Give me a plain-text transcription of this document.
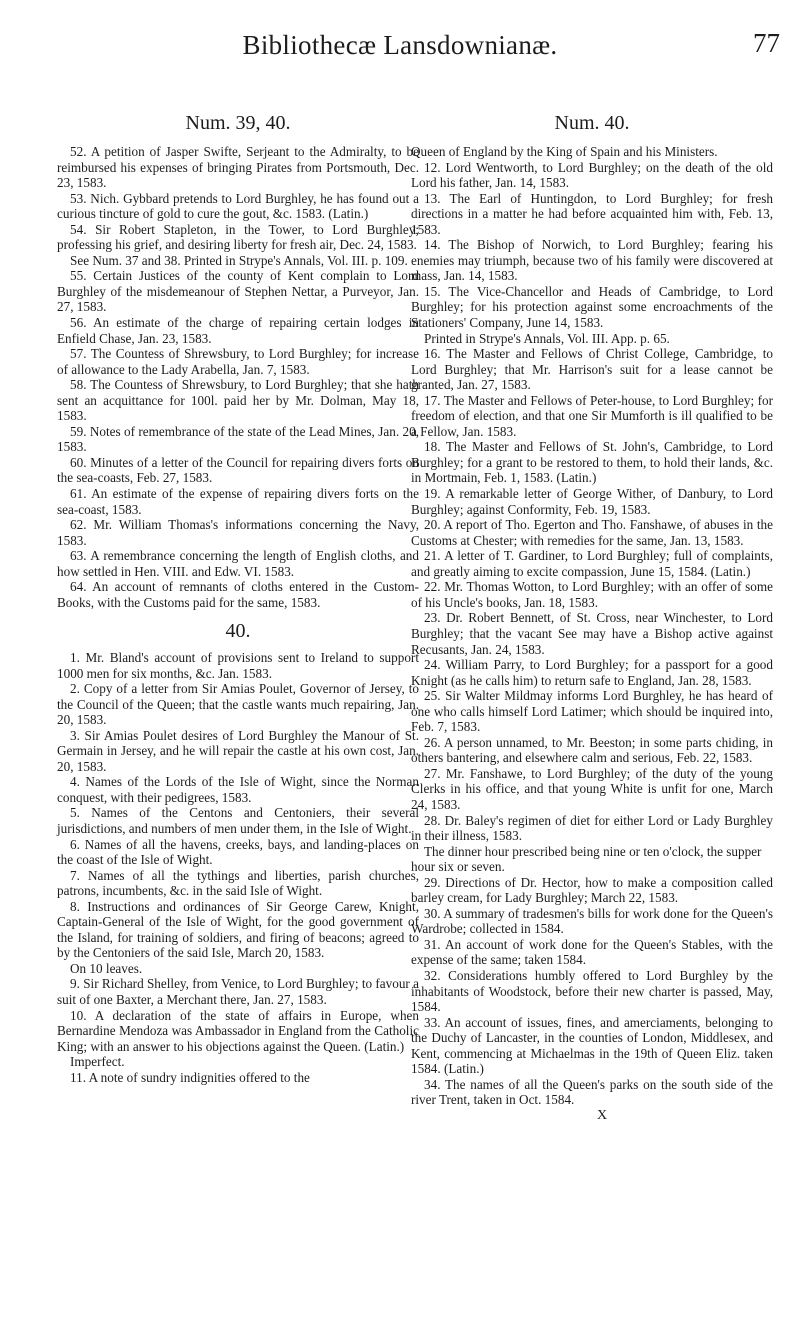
Bibliothecæ Lansdownianæ.	77
Num. 39, 40.

52. A petition of Jasper Swifte, Serjeant to the Admiralty, to be reimbursed his expenses of bringing Pirates from Portsmouth, Dec. 23, 1583.

53. Nich. Gybbard pretends to Lord Burghley, he has found out a curious tincture of gold to cure the gout, &c. 1583. (Latin.)

54. Sir Robert Stapleton, in the Tower, to Lord Burghley; professing his grief, and desiring liberty for fresh air, Dec. 24, 1583.

See Num. 37 and 38. Printed in Strype's Annals, Vol. III. p. 109.

55. Certain Justices of the county of Kent complain to Lord Burghley of the misdemeanour of Stephen Nettar, a Purveyor, Jan. 27, 1583.

56. An estimate of the charge of repairing certain lodges in Enfield Chase, Jan. 23, 1583.

57. The Countess of Shrewsbury, to Lord Burghley; for increase of allowance to the Lady Arabella, Jan. 7, 1583.

58. The Countess of Shrewsbury, to Lord Burghley; that she hath sent an acquittance for 100l. paid her by Mr. Dolman, May 18, 1583.

59. Notes of remembrance of the state of the Lead Mines, Jan. 20, 1583.

60. Minutes of a letter of the Council for repairing divers forts on the sea-coasts, Feb. 27, 1583.

61. An estimate of the expense of repairing divers forts on the sea-coast, 1583.

62. Mr. William Thomas's informations concerning the Navy, 1583.

63. A remembrance concerning the length of English cloths, and how settled in Hen. VIII. and Edw. VI. 1583.

64. An account of remnants of cloths entered in the Custom-Books, with the Customs paid for the same, 1583.

40.

1. Mr. Bland's account of provisions sent to Ireland to support 1000 men for six months, &c. Jan. 1583.

2. Copy of a letter from Sir Amias Poulet, Governor of Jersey, to the Council of the Queen; that the castle wants much repairing, Jan. 20, 1583.

3. Sir Amias Poulet desires of Lord Burghley the Manour of St. Germain in Jersey, and he will repair the castle at his own cost, Jan. 20, 1583.

4. Names of the Lords of the Isle of Wight, since the Norman conquest, with their pedigrees, 1583.

5. Names of the Centons and Centoniers, their several jurisdictions, and numbers of men under them, in the Isle of Wight.

6. Names of all the havens, creeks, bays, and landing-places on the coast of the Isle of Wight.

7. Names of all the tythings and liberties, parish churches, patrons, incumbents, &c. in the said Isle of Wight.

8. Instructions and ordinances of Sir George Carew, Knight, Captain-General of the Isle of Wight, for the good government of the Island, for training of soldiers, and firing of beacons; agreed to by the Centoniers of the said Isle, March 20, 1583.

On 10 leaves.

9. Sir Richard Shelley, from Venice, to Lord Burghley; to favour a suit of one Baxter, a Merchant there, Jan. 27, 1583.

10. A declaration of the state of affairs in Europe, when Bernardine Mendoza was Ambassador in England from the Catholic King; with an answer to his objections against the Queen. (Latin.)

Imperfect.

11. A note of sundry indignities offered to the

Num. 40.

Queen of England by the King of Spain and his Ministers.

12. Lord Wentworth, to Lord Burghley; on the death of the old Lord his father, Jan. 14, 1583.

13. The Earl of Huntingdon, to Lord Burghley; for fresh directions in a matter he had before acquainted him with, Feb. 13, 1583.

14. The Bishop of Norwich, to Lord Burghley; fearing his enemies may triumph, because two of his family were discovered at mass, Jan. 14, 1583.

15. The Vice-Chancellor and Heads of Cambridge, to Lord Burghley; for his protection against some encroachments of the Stationers' Company, June 14, 1583.

Printed in Strype's Annals, Vol. III. App. p. 65.

16. The Master and Fellows of Christ College, Cambridge, to Lord Burghley; that Mr. Harrison's suit for a lease cannot be granted, Jan. 27, 1583.

17. The Master and Fellows of Peter-house, to Lord Burghley; for freedom of election, and that one Sir Mumforth is ill qualified to be a Fellow, Jan. 1583.

18. The Master and Fellows of St. John's, Cambridge, to Lord Burghley; for a grant to be restored to them, to hold their lands, &c. in Mortmain, Feb. 1, 1583. (Latin.)

19. A remarkable letter of George Wither, of Danbury, to Lord Burghley; against Conformity, Feb. 19, 1583.

20. A report of Tho. Egerton and Tho. Fanshawe, of abuses in the Customs at Chester; with remedies for the same, Jan. 13, 1583.

21. A letter of T. Gardiner, to Lord Burghley; full of complaints, and greatly aiming to excite compassion, June 15, 1584. (Latin.)

22. Mr. Thomas Wotton, to Lord Burghley; with an offer of some of his Uncle's books, Jan. 18, 1583.

23. Dr. Robert Bennett, of St. Cross, near Winchester, to Lord Burghley; that the vacant See may have a Bishop active against Recusants, Jan. 24, 1583.

24. William Parry, to Lord Burghley; for a passport for a good Knight (as he calls him) to return safe to England, Jan. 28, 1583.

25. Sir Walter Mildmay informs Lord Burghley, he has heard of one who calls himself Lord Latimer; which should be inquired into, Feb. 7, 1583.

26. A person unnamed, to Mr. Beeston; in some parts chiding, in others bantering, and elsewhere calm and serious, Feb. 22, 1583.

27. Mr. Fanshawe, to Lord Burghley; of the duty of the young Clerks in his office, and that young White is unfit for one, March 24, 1583.

28. Dr. Baley's regimen of diet for either Lord or Lady Burghley in their illness, 1583.

The dinner hour prescribed being nine or ten o'clock, the supper hour six or seven.

29. Directions of Dr. Hector, how to make a composition called barley cream, for Lady Burghley; March 22, 1583.

30. A summary of tradesmen's bills for work done for the Queen's Wardrobe; collected in 1584.

31. An account of work done for the Queen's Stables, with the expense of the same; taken 1584.

32. Considerations humbly offered to Lord Burghley by the inhabitants of Woodstock, before their new charter is passed, May, 1584.

33. An account of issues, fines, and amerciaments, belonging to the Duchy of Lancaster, in the counties of London, Middlesex, and Kent, commencing at Michaelmas in the 19th of Queen Eliz. taken 1584. (Latin.)

34. The names of all the Queen's parks on the south side of the river Trent, taken in Oct. 1584.

X
